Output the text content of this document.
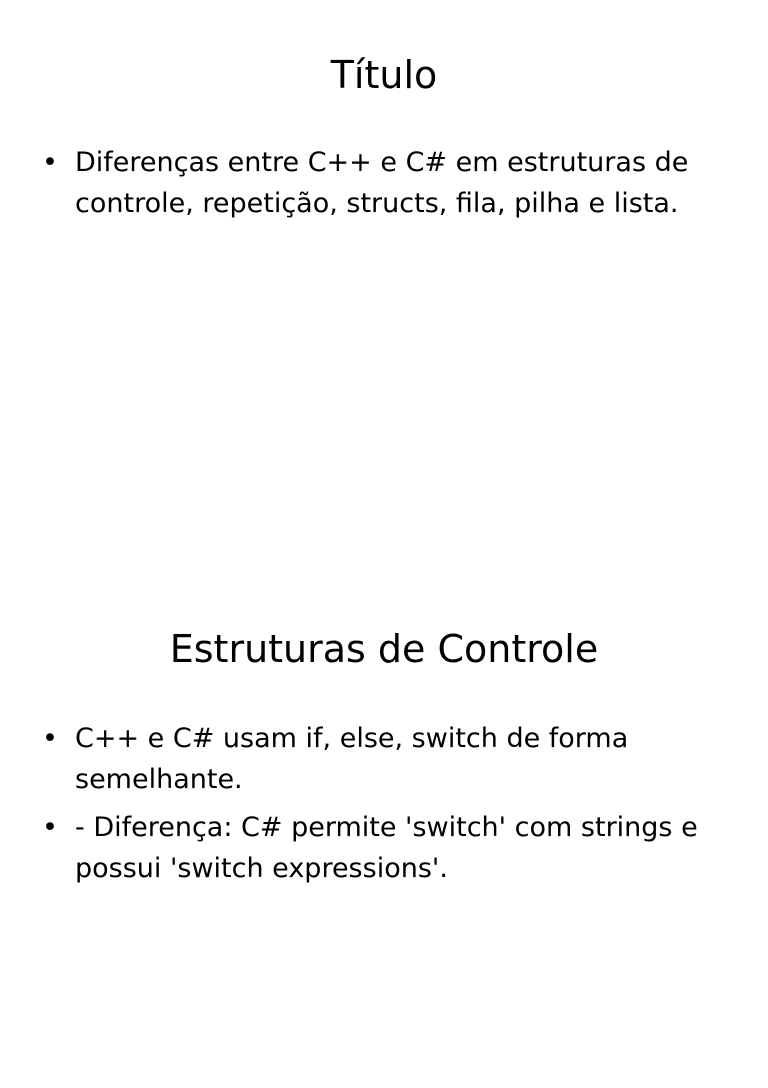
Título
• Diferenças entre C++ e C# em estruturas de controle, repetição, structs, fila, pilha e lista.
Estruturas de Controle
• C++ e C# usam if, else, switch de forma semelhante.
• - Diferença: C# permite 'switch' com strings e possui 'switch expressions'.
